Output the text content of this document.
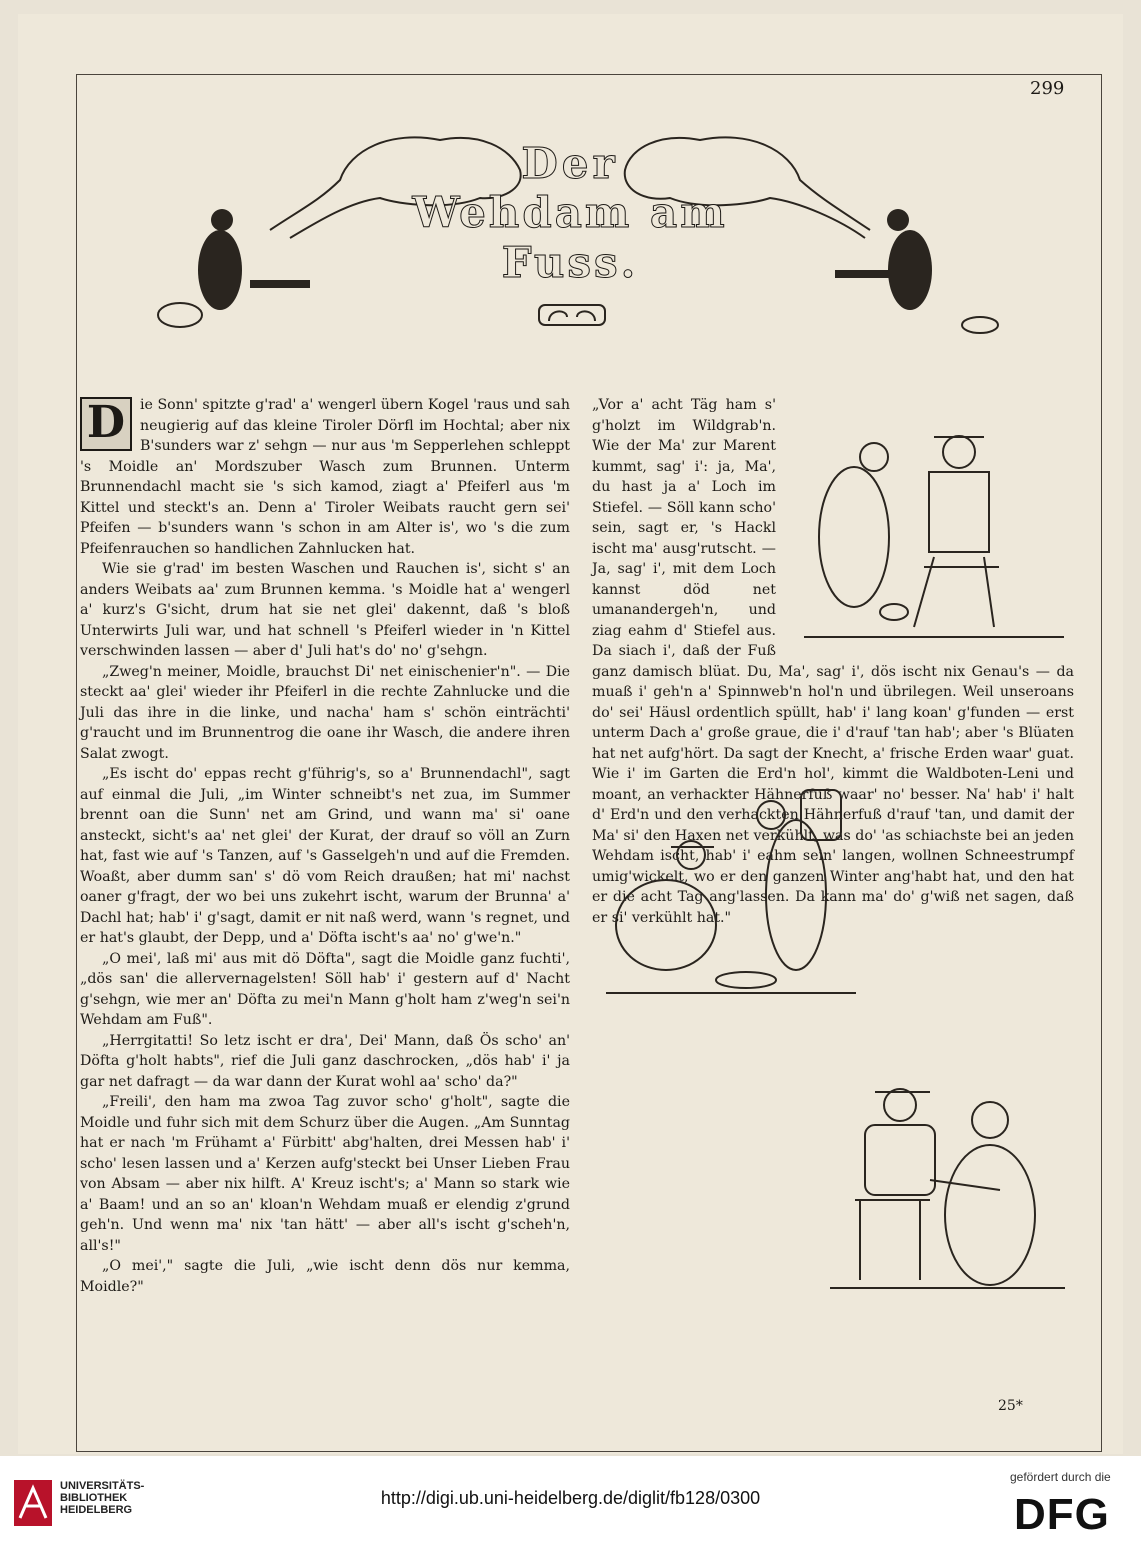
299
Der
Wehdam am Fuss.
D	ie Sonn' spitzte g'rad' a' wengerl übern Kogel 'raus und sah neugierig auf das kleine Tiroler Dörfl im Hochtal; aber nix B'sunders war z' sehgn — nur aus 'm Sepperlehen schleppt 's Moidle an' Mordszuber Wasch zum Brunnen. Unterm Brunnendachl macht sie 's sich kamod, ziagt a' Pfeiferl aus 'm Kittel und steckt's an. Denn a' Tiroler Weibats raucht gern sei' Pfeifen — b'sunders wann 's schon in am Alter is', wo 's die zum Pfeifenrauchen so handlichen Zahnlucken hat.

Wie sie g'rad' im besten Waschen und Rauchen is', sicht s' an anders Weibats aa' zum Brunnen kemma. 's Moidle hat a' wengerl a' kurz's G'sicht, drum hat sie net glei' dakennt, daß 's bloß Unterwirts Juli war, und hat schnell 's Pfeiferl wieder in 'n Kittel verschwinden lassen — aber d' Juli hat's do' no' g'sehgn.

„Zweg'n meiner, Moidle, brauchst Di' net einischenier'n". — Die steckt aa' glei' wieder ihr Pfeiferl in die rechte Zahnlucke und die Juli das ihre in die linke, und nacha' ham s' schön einträchti' g'raucht und im Brunnentrog die oane ihr Wasch, die andere ihren Salat zwogt.

„Es ischt do' eppas recht g'führig's, so a' Brunnendachl", sagt auf einmal die Juli, „im Winter schneibt's net zua, im Summer brennt oan die Sunn' net am Grind, und wann ma' si' oane ansteckt, sicht's aa' net glei' der Kurat, der drauf so völl an Zurn hat, fast wie auf 's Tanzen, auf 's Gasselgeh'n und auf die Fremden. Woaßt, aber dumm san' s' dö vom Reich draußen; hat mi' nachst oaner g'fragt, der wo bei uns zukehrt ischt, warum der Brunna' a' Dachl hat; hab' i' g'sagt, damit er nit naß werd, wann 's regnet, und er hat's glaubt, der Depp, und a' Döfta ischt's aa' no' g'we'n."

„O mei', laß mi' aus mit dö Döfta", sagt die Moidle ganz fuchti', „dös san' die allervernagelsten! Söll hab' i' gestern auf d' Nacht g'sehgn, wie mer an' Döfta zu mei'n Mann g'holt ham z'weg'n sei'n Wehdam am Fuß".

„Herrgitatti! So letz ischt er dra', Dei' Mann, daß Ös scho' an' Döfta g'holt habts", rief die Juli ganz daschrocken, „dös hab' i' ja gar net dafragt — da war dann der Kurat wohl aa' scho' da?"

„Freili', den ham ma zwoa Tag zuvor scho' g'holt", sagte die Moidle und fuhr sich mit dem Schurz über die Augen. „Am Sunntag hat er nach 'm Frühamt a' Fürbitt' abg'halten, drei Messen hab' i' scho' lesen lassen und a' Kerzen aufg'steckt bei Unser Lieben Frau von Absam — aber nix hilft. A' Kreuz ischt's; a' Mann so stark wie a' Baam! und an so an' kloan'n Wehdam muaß er elendig z'grund geh'n. Und wenn ma' nix 'tan hätt' — aber all's ischt g'scheh'n, all's!"

„O mei'," sagte die Juli, „wie ischt denn dös nur kemma, Moidle?"

„Vor a' acht Täg ham s' g'holzt im Wildgrab'n. Wie der Ma' zur Marent kummt, sag' i': ja, Ma', du hast ja a' Loch im Stiefel. — Söll kann scho' sein, sagt er, 's Hackl ischt ma' ausg'rutscht. — Ja, sag' i', mit dem Loch kannst död net umanandergeh'n, und ziag eahm d' Stiefel aus. Da siach i', daß der Fuß ganz damisch blüat. Du, Ma', sag' i', dös ischt nix Genau's — da muaß i' geh'n a' Spinnweb'n hol'n und übrilegen. Weil unseroans do' sei' Häusl ordentlich spüllt, hab' i' lang koan' g'funden — erst unterm Dach a' große graue, die i' d'rauf 'tan hab'; aber 's Blüaten hat net aufg'hört. Da sagt der Knecht, a' frische Erden waar' guat. Wie i' im Garten die Erd'n hol', kimmt die Waldboten-Leni und moant, an verhackter Hähnerfuß waar' no' besser. Na' hab' i' halt d' Erd'n und den verhackten Hähnerfuß d'rauf 'tan, und damit der Ma' si' den Haxen net verkühlt, was do' 'as schiachste bei an jeden Wehdam ischt, hab' i' eahm sein' langen, wollnen Schneestrumpf umig'wickelt, wo er den ganzen Winter ang'habt hat, und den hat er die acht Tag ang'lassen. Da kann ma' do' g'wiß net sagen, daß er si' verkühlt hat."

25*
UNIVERSITÄTS-
BIBLIOTHEK
HEIDELBERG
http://digi.ub.uni-heidelberg.de/diglit/fb128/0300
gefördert durch die
DFG
